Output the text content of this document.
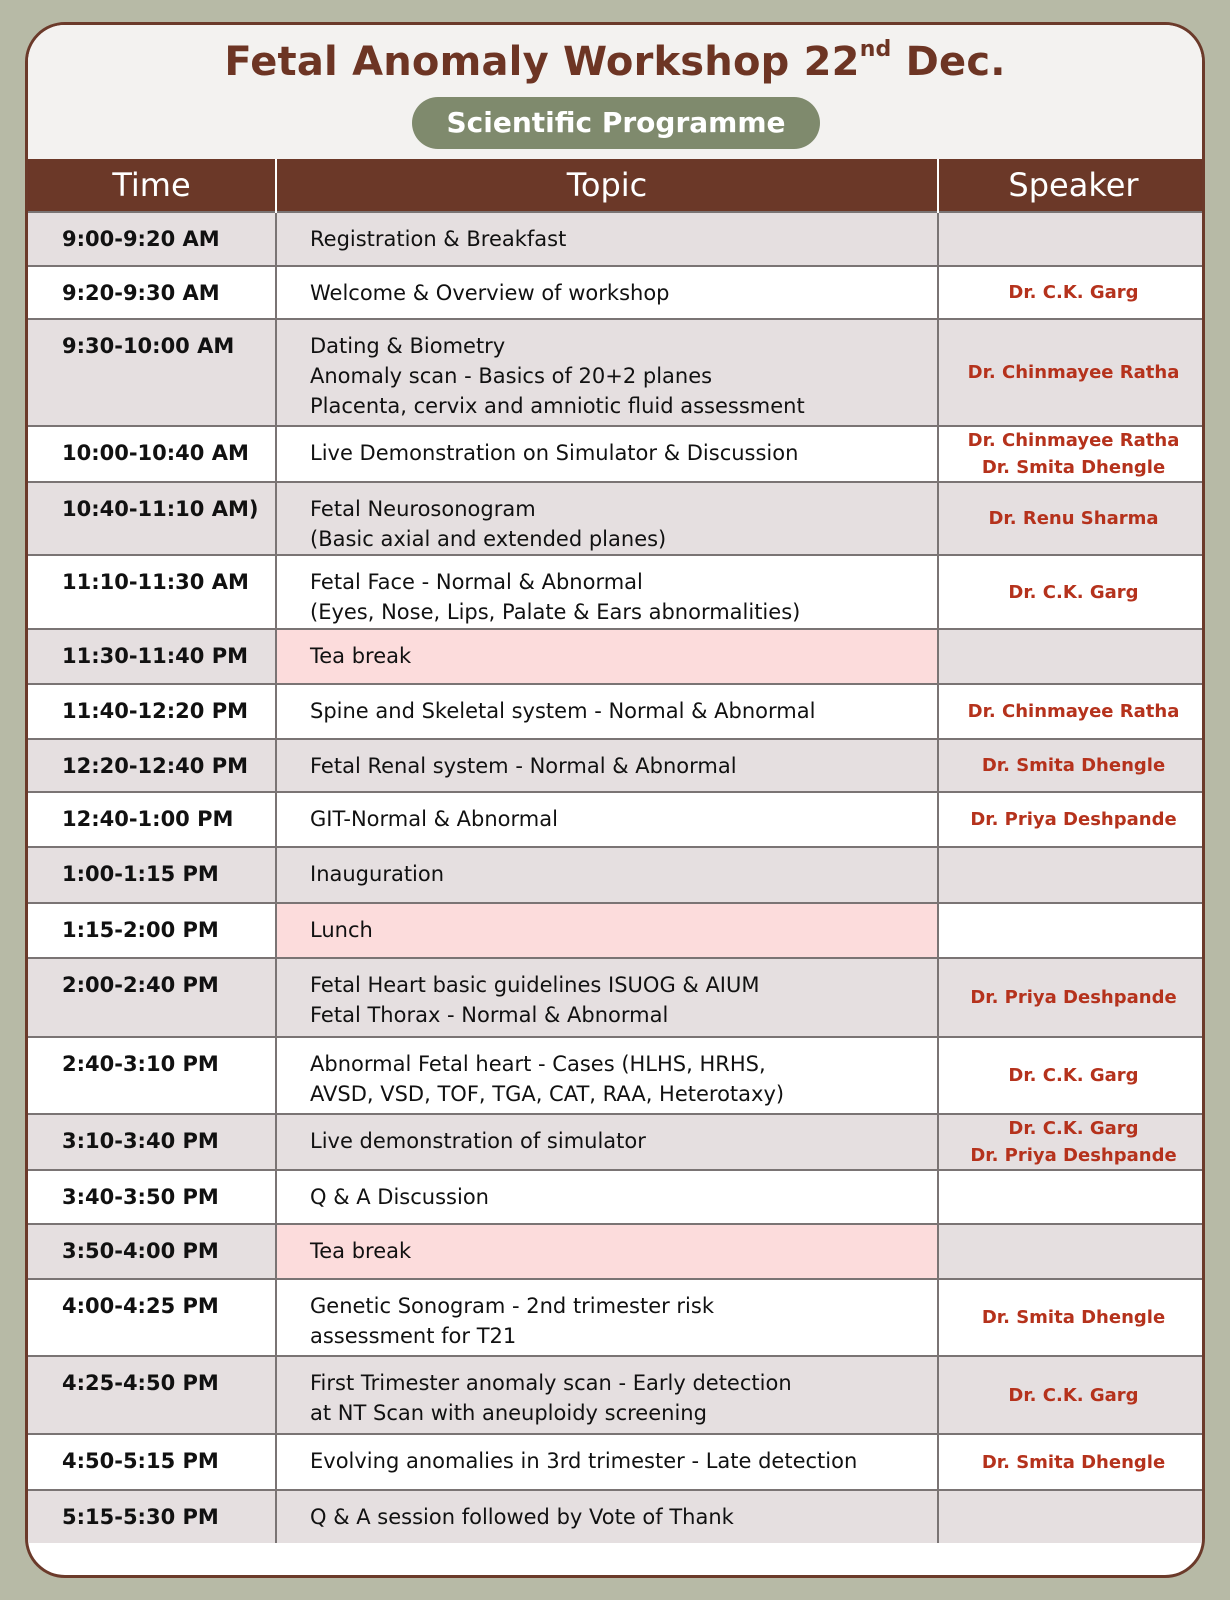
Fetal Anomaly Workshop 22nd Dec.
Scientific Programme
Time	Topic	Speaker

9:00-9:20 AM	Registration & Breakfast	

9:20-9:30 AM	Welcome & Overview of workshop	Dr. C.K. Garg

9:30-10:00 AM	Dating & Biometry
Anomaly scan - Basics of 20+2 planes
Placenta, cervix and amniotic fluid assessment	Dr. Chinmayee Ratha

10:00-10:40 AM	Live Demonstration on Simulator & Discussion	Dr. Chinmayee Ratha
Dr. Smita Dhengle

10:40-11:10 AM)	Fetal Neurosonogram
(Basic axial and extended planes)	Dr. Renu Sharma

11:10-11:30 AM	Fetal Face - Normal & Abnormal
(Eyes, Nose, Lips, Palate & Ears abnormalities)	Dr. C.K. Garg

11:30-11:40 PM	Tea break	

11:40-12:20 PM	Spine and Skeletal system - Normal & Abnormal	Dr. Chinmayee Ratha

12:20-12:40 PM	Fetal Renal system - Normal & Abnormal	Dr. Smita Dhengle

12:40-1:00 PM	GIT-Normal & Abnormal	Dr. Priya Deshpande

1:00-1:15 PM	Inauguration	

1:15-2:00 PM	Lunch	

2:00-2:40 PM	Fetal Heart basic guidelines ISUOG & AIUM
Fetal Thorax - Normal & Abnormal	Dr. Priya Deshpande

2:40-3:10 PM	Abnormal Fetal heart - Cases (HLHS, HRHS,
AVSD, VSD, TOF, TGA, CAT, RAA, Heterotaxy)	Dr. C.K. Garg

3:10-3:40 PM	Live demonstration of simulator	Dr. C.K. Garg
Dr. Priya Deshpande

3:40-3:50 PM	Q & A Discussion	

3:50-4:00 PM	Tea break	

4:00-4:25 PM	Genetic Sonogram - 2nd trimester risk
assessment for T21	Dr. Smita Dhengle

4:25-4:50 PM	First Trimester anomaly scan - Early detection
at NT Scan with aneuploidy screening	Dr. C.K. Garg

4:50-5:15 PM	Evolving anomalies in 3rd trimester - Late detection	Dr. Smita Dhengle

5:15-5:30 PM	Q & A session followed by Vote of Thank	
